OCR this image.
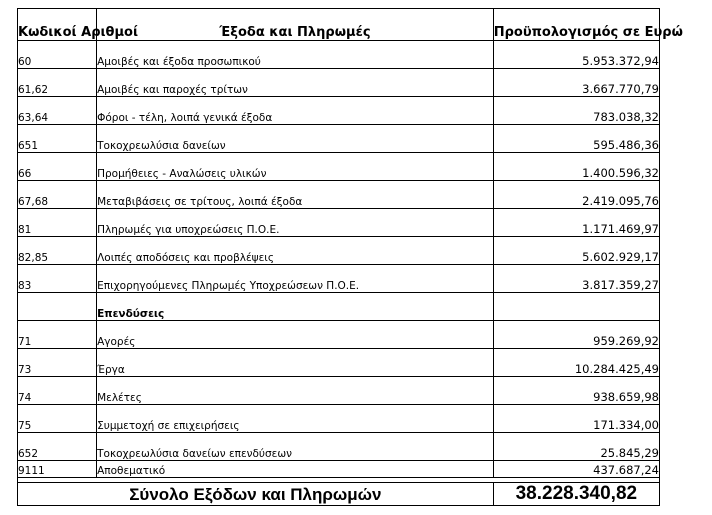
Κωδικοί Αριθμοί	Έξοδα και Πληρωμές	Προϋπολογισμός σε Ευρώ
60	Αμοιβές και έξοδα προσωπικού	5.953.372,94
61,62	Αμοιβές και παροχές τρίτων	3.667.770,79
63,64	Φόροι - τέλη, λοιπά γενικά έξοδα	783.038,32
651	Τοκοχρεωλύσια δανείων	595.486,36
66	Προμήθειες - Αναλώσεις υλικών	1.400.596,32
67,68	Μεταβιβάσεις σε τρίτους, λοιπά έξοδα	2.419.095,76
81	Πληρωμές για υποχρεώσεις Π.Ο.Ε.	1.171.469,97
82,85	Λοιπές αποδόσεις και προβλέψεις	5.602.929,17
83	Επιχορηγούμενες Πληρωμές Υποχρεώσεων Π.Ο.Ε.	3.817.359,27
	Επενδύσεις	
71	Αγορές	959.269,92
73	Έργα	10.284.425,49
74	Μελέτες	938.659,98
75	Συμμετοχή σε επιχειρήσεις	171.334,00
652	Τοκοχρεωλύσια δανείων επενδύσεων	25.845,29
9111	Αποθεματικό	437.687,24

Σύνολο Εξόδων και Πληρωμών		38.228.340,82
